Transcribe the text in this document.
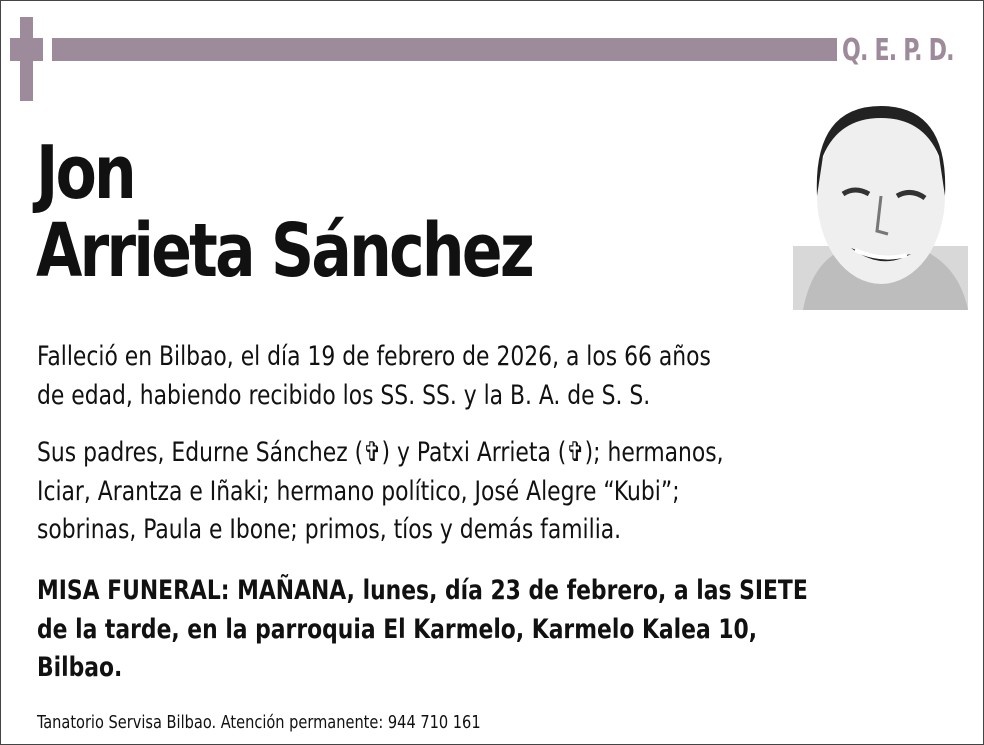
Q. E. P. D.
Jon
Arrieta Sánchez
Falleció en Bilbao, el día 19 de febrero de 2026, a los 66 años
de edad, habiendo recibido los SS. SS. y la B. A. de S. S.
Sus padres, Edurne Sánchez (✞) y Patxi Arrieta (✞); hermanos,
Iciar, Arantza e Iñaki; hermano político, José Alegre “Kubi”;
sobrinas, Paula e Ibone; primos, tíos y demás familia.
MISA FUNERAL: MAÑANA, lunes, día 23 de febrero, a las SIETE
de la tarde, en la parroquia El Karmelo, Karmelo Kalea 10,
Bilbao.
Tanatorio Servisa Bilbao. Atención permanente: 944 710 161
